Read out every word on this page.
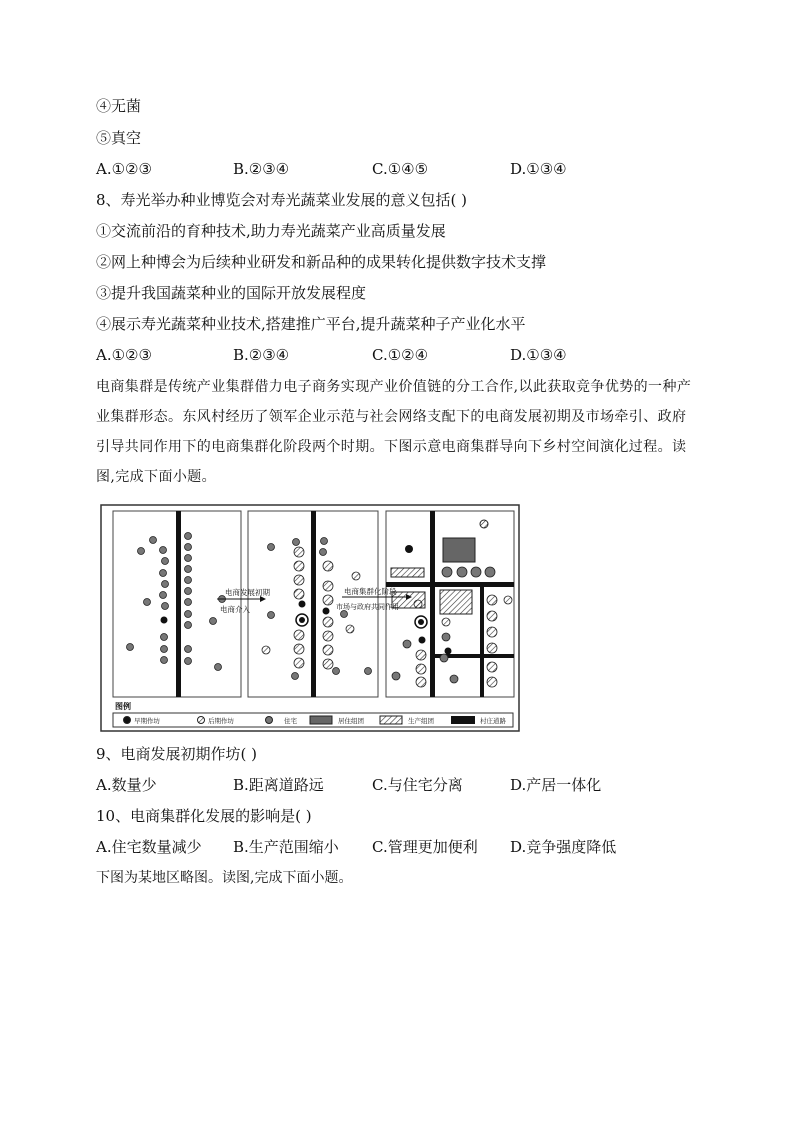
④无菌
⑤真空
A.①②③	B.②③④	C.①④⑤	D.①③④
8、寿光举办种业博览会对寿光蔬菜业发展的意义包括( )
①交流前沿的育种技术,助力寿光蔬菜产业高质量发展
②网上种博会为后续种业研发和新品种的成果转化提供数字技术支撑
③提升我国蔬菜种业的国际开放发展程度
④展示寿光蔬菜种业技术,搭建推广平台,提升蔬菜种子产业化水平
A.①②③	B.②③④	C.①②④	D.①③④
电商集群是传统产业集群借力电子商务实现产业价值链的分工合作,以此获取竞争优势的一种产业集群形态。东风村经历了领军企业示范与社会网络支配下的电商发展初期及市场牵引、政府引导共同作用下的电商集群化阶段两个时期。下图示意电商集群导向下乡村空间演化过程。读图,完成下面小题。
电商发展初期
电商介入
电商集群化阶段
市场与政府共同作用
图例
早期作坊	后期作坊	住宅	居住组团	生产组团	村庄道路
9、电商发展初期作坊( )
A.数量少	B.距离道路远	C.与住宅分离	D.产居一体化
10、电商集群化发展的影响是( )
A.住宅数量减少 B.生产范围缩小 C.管理更加便利 D.竞争强度降低
下图为某地区略图。读图,完成下面小题。
